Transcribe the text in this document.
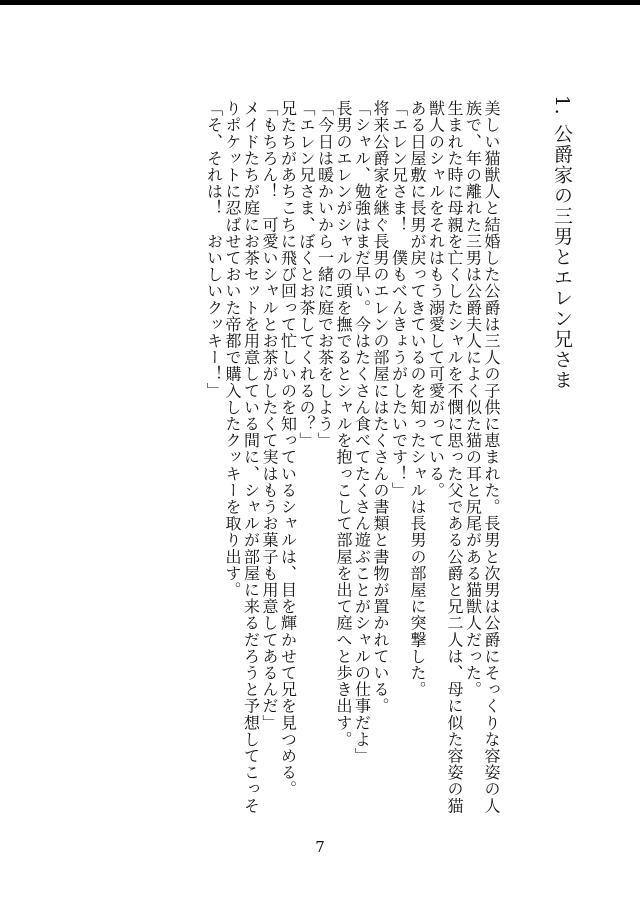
1. 公爵家の三男とエレン兄さま

美しい猫獣人と結婚した公爵は三人の子供に恵まれた。長男と次男は公爵にそっくりな容姿の人族で、年の離れた三男は公爵夫人によく似た猫の耳と尻尾がある猫獣人だった。

生まれた時に母親を亡くしたシャルを不憫に思った父である公爵と兄二人は、母に似た容姿の猫獣人のシャルをそれはもう溺愛して可愛がっている。

ある日屋敷に長男が戻ってきているのを知ったシャルは長男の部屋に突撃した。

「エレン兄さま！　僕もべんきょうがしたいです！」

将来公爵家を継ぐ長男のエレンの部屋にはたくさんの書類と書物が置かれている。

「シャル、勉強はまだ早い。今はたくさん食べてたくさん遊ぶことがシャルの仕事だよ」

長男のエレンがシャルの頭を撫でるとシャルを抱っこして部屋を出て庭へと歩き出す。

「今日は暖かいから一緒に庭でお茶をしよう」

「エレン兄さま、ぼくとお茶してくれるの？」

兄たちがあちこちに飛び回って忙しいのを知っているシャルは、目を輝かせて兄を見つめる。

「もちろん！　可愛いシャルとお茶がしたくて実はもうお菓子も用意してあるんだ」

メイドたちが庭にお茶セットを用意している間に、シャルが部屋に来るだろうと予想してこっそりポケットに忍ばせておいた帝都で購入したクッキーを取り出す。

「そ、それは！　おいしいクッキー！」

7
